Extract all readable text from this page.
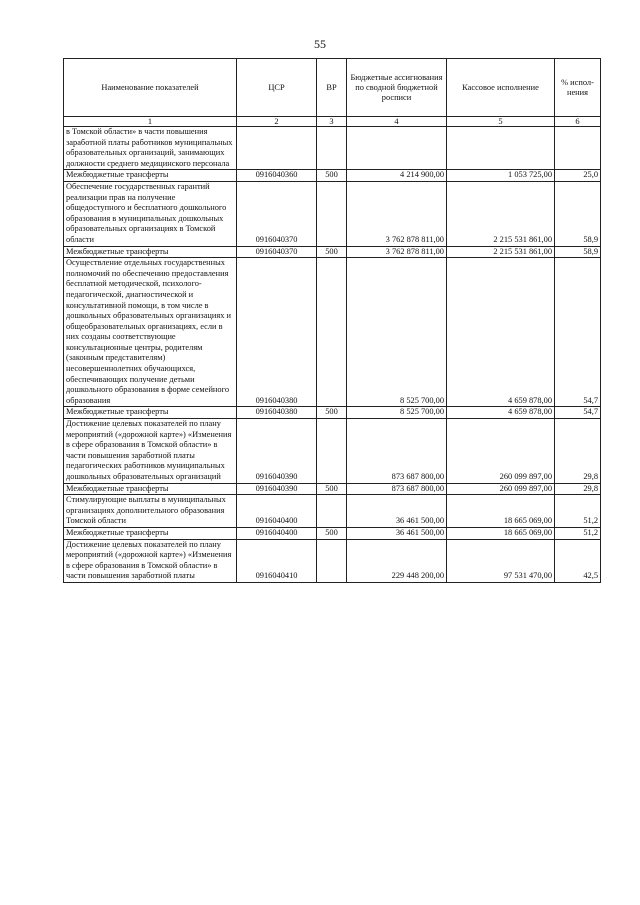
55
Наименование показателей	ЦСР	ВР	Бюджетные ассигнования по сводной бюджетной росписи	Кассовое исполнение	% испол-нения
1	2	3	4	5	6
в Томской области» в части повышения заработной платы работников муниципальных образовательных организаций, занимающих должности среднего медицинского персонала					
Межбюджетные трансферты	0916040360	500	4 214 900,00	1 053 725,00	25,0
Обеспечение государственных гарантий реализации прав на получение общедоступного и бесплатного дошкольного образования в муниципальных дошкольных образовательных организациях в Томской области	0916040370		3 762 878 811,00	2 215 531 861,00	58,9
Межбюджетные трансферты	0916040370	500	3 762 878 811,00	2 215 531 861,00	58,9
Осуществление отдельных государственных полномочий по обеспечению предоставления бесплатной методической, психолого-педагогической, диагностической и консультативной помощи, в том числе в дошкольных образовательных организациях и общеобразовательных организациях, если в них созданы соответствующие консультационные центры, родителям (законным представителям) несовершеннолетних обучающихся, обеспечивающих получение детьми дошкольного образования в форме семейного образования	0916040380		8 525 700,00	4 659 878,00	54,7
Межбюджетные трансферты	0916040380	500	8 525 700,00	4 659 878,00	54,7
Достижение целевых показателей по плану мероприятий («дорожной карте») «Изменения в сфере образования в Томской области» в части повышения заработной платы педагогических работников муниципальных дошкольных образовательных организаций	0916040390		873 687 800,00	260 099 897,00	29,8
Межбюджетные трансферты	0916040390	500	873 687 800,00	260 099 897,00	29,8
Стимулирующие выплаты в муниципальных организациях дополнительного образования Томской области	0916040400		36 461 500,00	18 665 069,00	51,2
Межбюджетные трансферты	0916040400	500	36 461 500,00	18 665 069,00	51,2
Достижение целевых показателей по плану мероприятий («дорожной карте») «Изменения в сфере образования в Томской области» в части повышения заработной платы	0916040410		229 448 200,00	97 531 470,00	42,5
